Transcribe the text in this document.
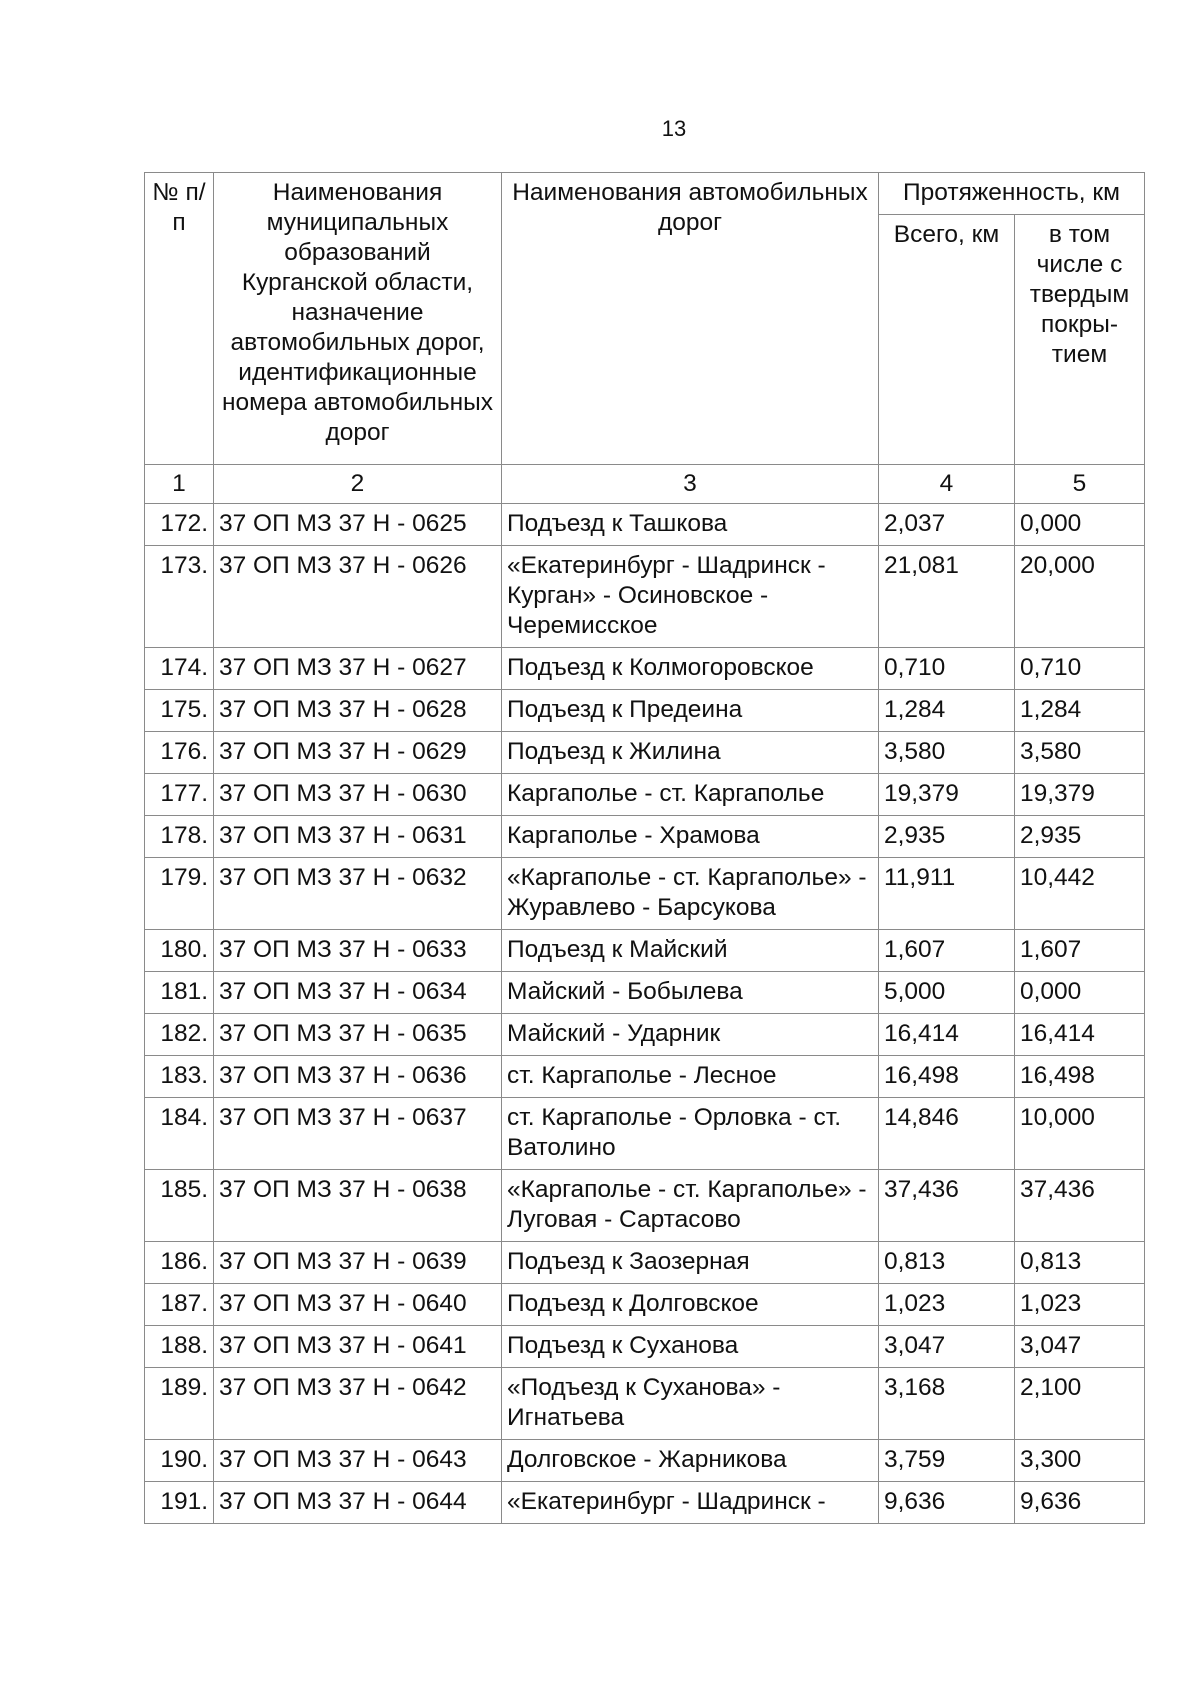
13
№ п/п	Наименования муниципальных образований Курганской области, назначение автомобильных дорог, идентификационные номера автомобильных дорог	Наименования автомобильных дорог	Протяженность, км	
			Всего, км	в том числе с твердым покры-тием
1	2	3	4	5
172.	37 ОП МЗ 37 Н - 0625	Подъезд к Ташкова	2,037	0,000
173.	37 ОП МЗ 37 Н - 0626	«Екатеринбург - Шадринск - Курган» - Осиновское - Черемисское	21,081	20,000
174.	37 ОП МЗ 37 Н - 0627	Подъезд к Колмогоровское	0,710	0,710
175.	37 ОП МЗ 37 Н - 0628	Подъезд к Предеина	1,284	1,284
176.	37 ОП МЗ 37 Н - 0629	Подъезд к Жилина	3,580	3,580
177.	37 ОП МЗ 37 Н - 0630	Каргаполье - ст. Каргаполье	19,379	19,379
178.	37 ОП МЗ 37 Н - 0631	Каргаполье - Храмова	2,935	2,935
179.	37 ОП МЗ 37 Н - 0632	«Каргаполье - ст. Каргаполье» - Журавлево - Барсукова	11,911	10,442
180.	37 ОП МЗ 37 Н - 0633	Подъезд к Майский	1,607	1,607
181.	37 ОП МЗ 37 Н - 0634	Майский - Бобылева	5,000	0,000
182.	37 ОП МЗ 37 Н - 0635	Майский - Ударник	16,414	16,414
183.	37 ОП МЗ 37 Н - 0636	ст. Каргаполье - Лесное	16,498	16,498
184.	37 ОП МЗ 37 Н - 0637	ст. Каргаполье - Орловка - ст. Ватолино	14,846	10,000
185.	37 ОП МЗ 37 Н - 0638	«Каргаполье - ст. Каргаполье» - Луговая - Сартасово	37,436	37,436
186.	37 ОП МЗ 37 Н - 0639	Подъезд к Заозерная	0,813	0,813
187.	37 ОП МЗ 37 Н - 0640	Подъезд к Долговское	1,023	1,023
188.	37 ОП МЗ 37 Н - 0641	Подъезд к Суханова	3,047	3,047
189.	37 ОП МЗ 37 Н - 0642	«Подъезд к Суханова» - Игнатьева	3,168	2,100
190.	37 ОП МЗ 37 Н - 0643	Долговское - Жарникова	3,759	3,300
191.	37 ОП МЗ 37 Н - 0644	«Екатеринбург - Шадринск -	9,636	9,636
